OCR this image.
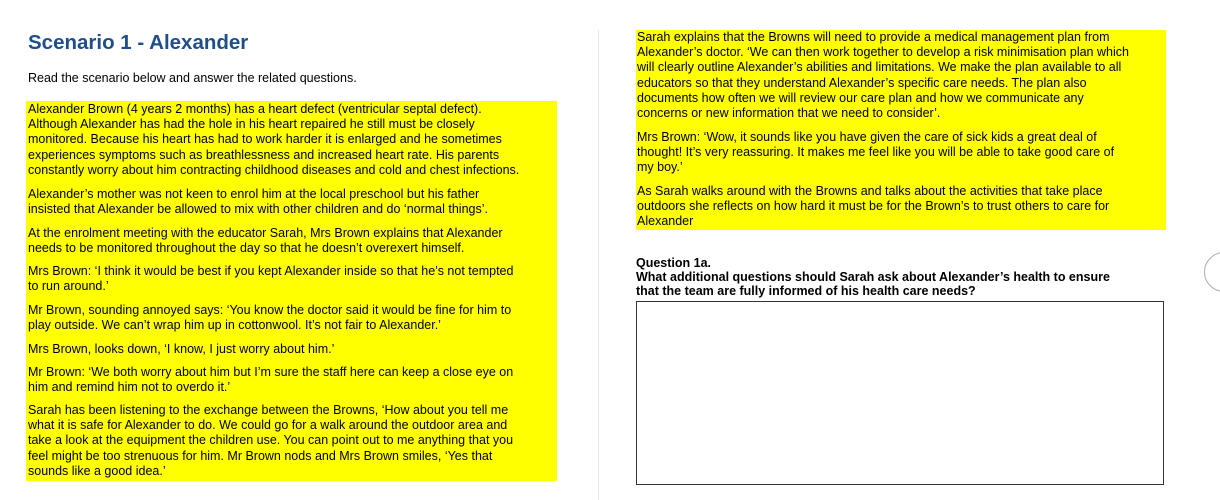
Scenario 1 - Alexander

Read the scenario below and answer the related questions.

Alexander Brown (4 years 2 months) has a heart defect (ventricular septal defect).
Although Alexander has had the hole in his heart repaired he still must be closely
monitored. Because his heart has had to work harder it is enlarged and he sometimes
experiences symptoms such as breathlessness and increased heart rate. His parents
constantly worry about him contracting childhood diseases and cold and chest infections.

Alexander’s mother was not keen to enrol him at the local preschool but his father
insisted that Alexander be allowed to mix with other children and do ‘normal things’.

At the enrolment meeting with the educator Sarah, Mrs Brown explains that Alexander
needs to be monitored throughout the day so that he doesn’t overexert himself.

Mrs Brown: ‘I think it would be best if you kept Alexander inside so that he’s not tempted
to run around.’

Mr Brown, sounding annoyed says: ‘You know the doctor said it would be fine for him to
play outside. We can’t wrap him up in cottonwool. It’s not fair to Alexander.’

Mrs Brown, looks down, ‘I know, I just worry about him.’

Mr Brown: ‘We both worry about him but I’m sure the staff here can keep a close eye on
him and remind him not to overdo it.’

Sarah has been listening to the exchange between the Browns, ‘How about you tell me
what it is safe for Alexander to do. We could go for a walk around the outdoor area and
take a look at the equipment the children use. You can point out to me anything that you
feel might be too strenuous for him. Mr Brown nods and Mrs Brown smiles, ‘Yes that
sounds like a good idea.’

Sarah explains that the Browns will need to provide a medical management plan from
Alexander’s doctor. ‘We can then work together to develop a risk minimisation plan which
will clearly outline Alexander’s abilities and limitations. We make the plan available to all
educators so that they understand Alexander’s specific care needs. The plan also
documents how often we will review our care plan and how we communicate any
concerns or new information that we need to consider’.

Mrs Brown: ‘Wow, it sounds like you have given the care of sick kids a great deal of
thought! It’s very reassuring. It makes me feel like you will be able to take good care of
my boy.’

As Sarah walks around with the Browns and talks about the activities that take place
outdoors she reflects on how hard it must be for the Brown’s to trust others to care for
Alexander

Question 1a.
What additional questions should Sarah ask about Alexander’s health to ensure
that the team are fully informed of his health care needs?
